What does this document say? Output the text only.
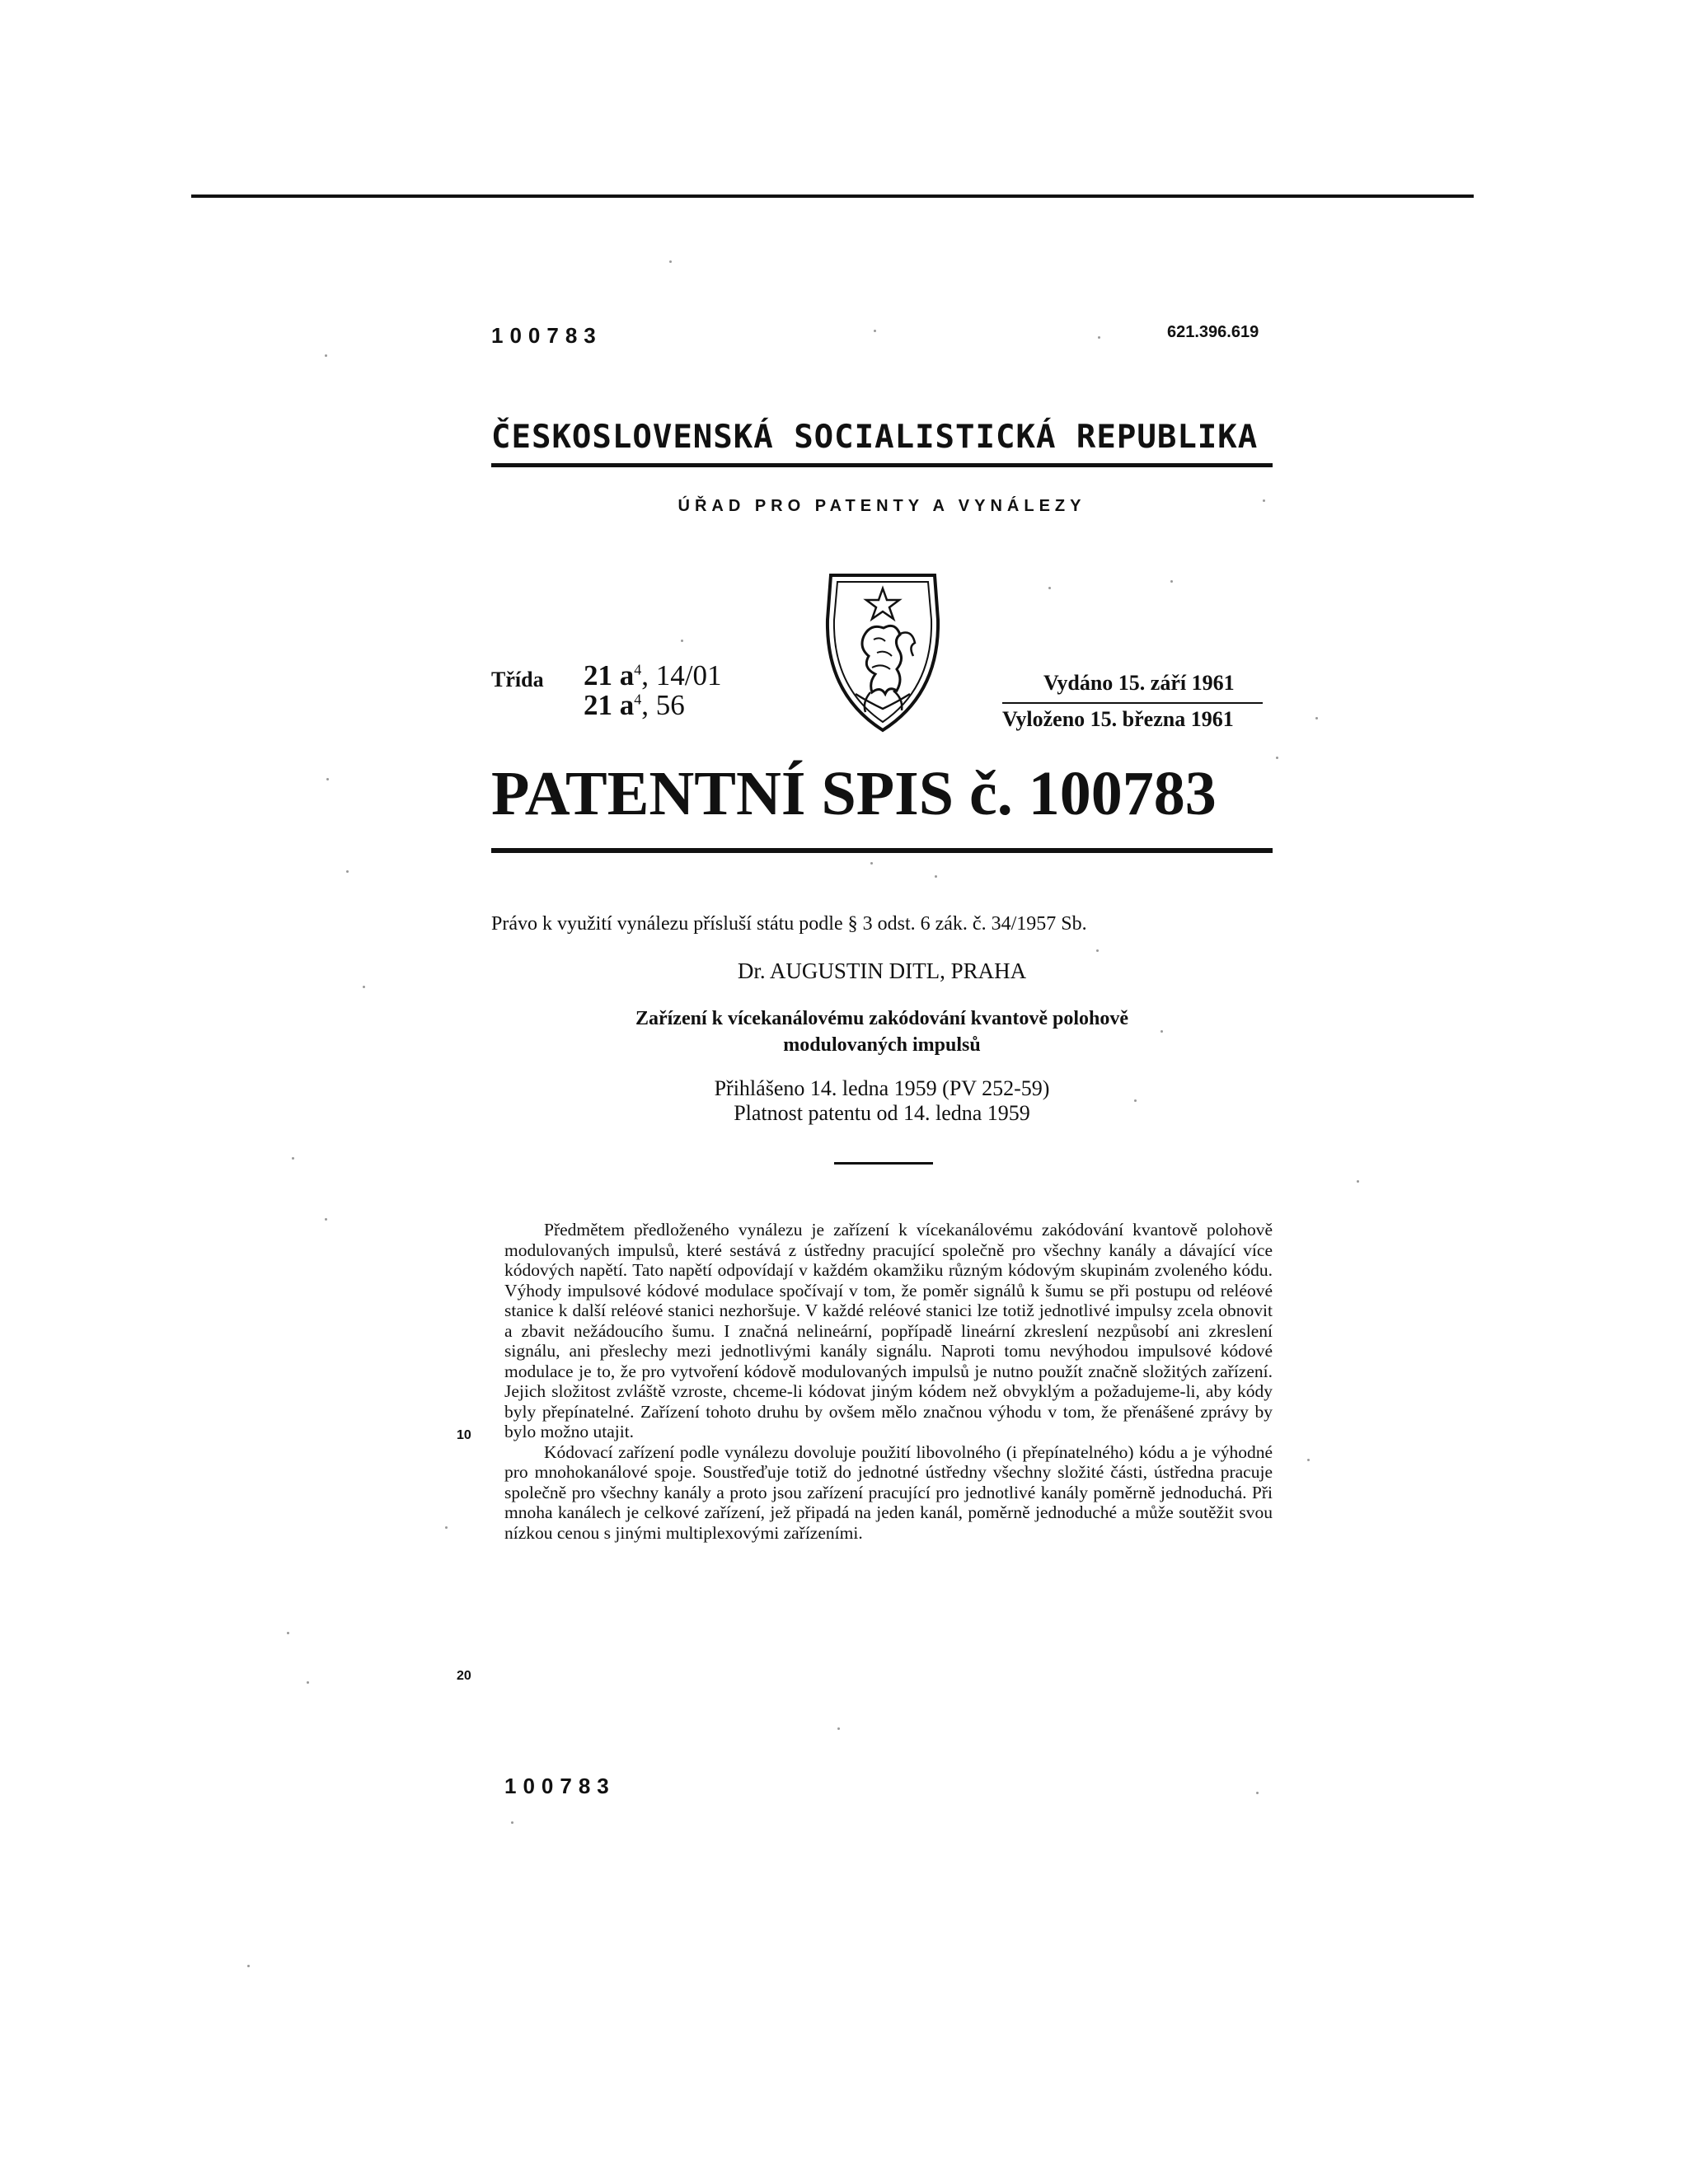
100783	621.396.619
ČESKOSLOVENSKÁ SOCIALISTICKÁ REPUBLIKA
ÚŘAD PRO PATENTY A VYNÁLEZY
Třída 21 $a^4$, 14/01
21 $a^4$, 56
Vydáno 15. září 1961
Vyloženo 15. března 1961
PATENTNÍ SPIS č. 100783
Právo k využití vynálezu přísluší státu podle § 3 odst. 6 zák. č. 34/1957 Sb.
Dr. AUGUSTIN DITL, PRAHA
Zařízení k vícekanálovému zakódování kvantově polohově
modulovaných impulsů
Přihlášeno 14. ledna 1959 (PV 252-59)
Platnost patentu od 14. ledna 1959
10
20

Předmětem předloženého vynálezu je zařízení k vícekanálovému zakódování kvantově polohově modulovaných impulsů, které sestává z ústředny pracující společně pro všechny kanály a dávající více kódových napětí. Tato napětí odpovídají v každém okamžiku různým kódovým skupinám zvoleného kódu. Výhody impulsové kódové modulace spočívají v tom, že poměr signálů k šumu se při postupu od reléové stanice k další reléové stanici nezhoršuje. V každé reléové stanici lze totiž jednotlivé impulsy zcela obnovit a zbavit nežádoucího šumu. I značná nelineární, popřípadě lineární zkreslení nezpůsobí ani zkreslení signálu, ani přeslechy mezi jednotlivými kanály signálu. Naproti tomu nevýhodou impulsové kódové modulace je to, že pro vytvoření kódově modulovaných impulsů je nutno použít značně složitých zařízení. Jejich složitost zvláště vzroste, chceme-li kódovat jiným kódem než obvyklým a požadujeme-li, aby kódy byly přepínatelné. Zařízení tohoto druhu by ovšem mělo značnou výhodu v tom, že přenášené zprávy by bylo možno utajit.

Kódovací zařízení podle vynálezu dovoluje použití libovolného (i přepínatelného) kódu a je výhodné pro mnohokanálové spoje. Soustřeďuje totiž do jednotné ústředny všechny složité části, ústředna pracuje společně pro všechny kanály a proto jsou zařízení pracující pro jednotlivé kanály poměrně jednoduchá. Při mnoha kanálech je celkové zařízení, jež připadá na jeden kanál, poměrně jednoduché a může soutěžit svou nízkou cenou s jinými multiplexovými zařízeními.

100783
